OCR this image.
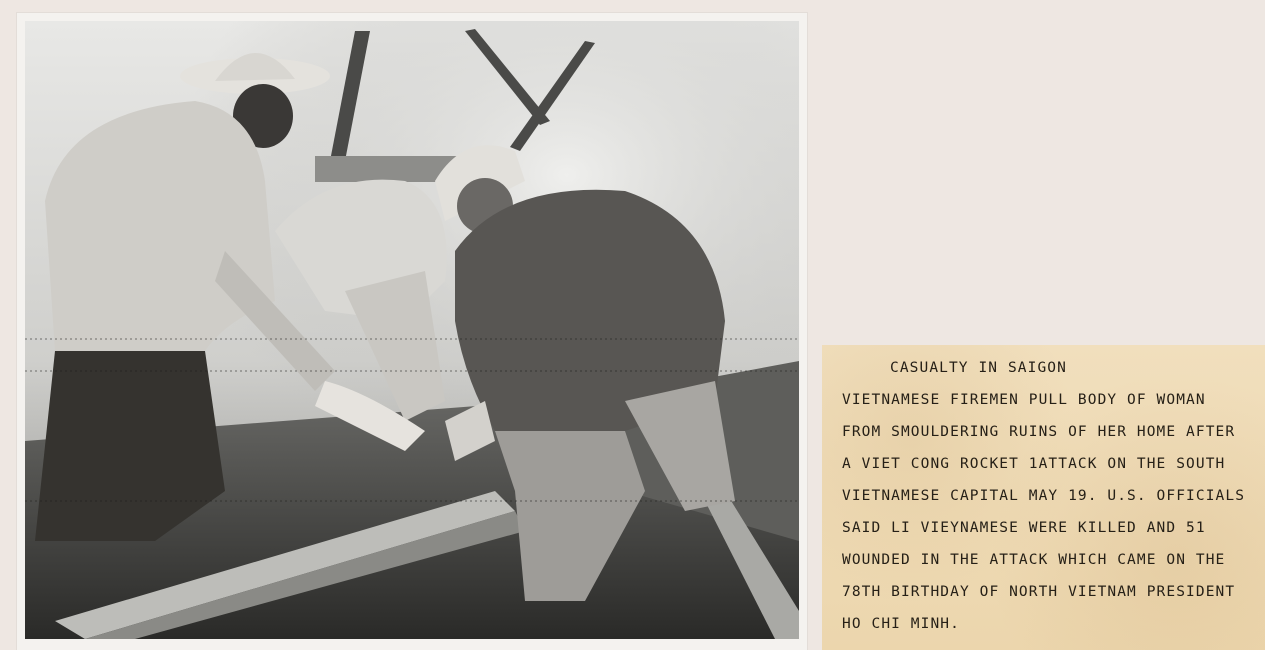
CASUALTY IN SAIGON

VIETNAMESE FIREMEN PULL BODY OF WOMAN

FROM SMOULDERING RUINS OF HER HOME AFTER

A VIET CONG ROCKET 1ATTACK ON THE SOUTH

VIETNAMESE CAPITAL MAY 19. U.S. OFFICIALS

SAID LI VIEYNAMESE WERE KILLED AND 51

WOUNDED IN THE ATTACK WHICH CAME ON THE

78TH BIRTHDAY OF NORTH VIETNAM PRESIDENT

HO CHI MINH.
